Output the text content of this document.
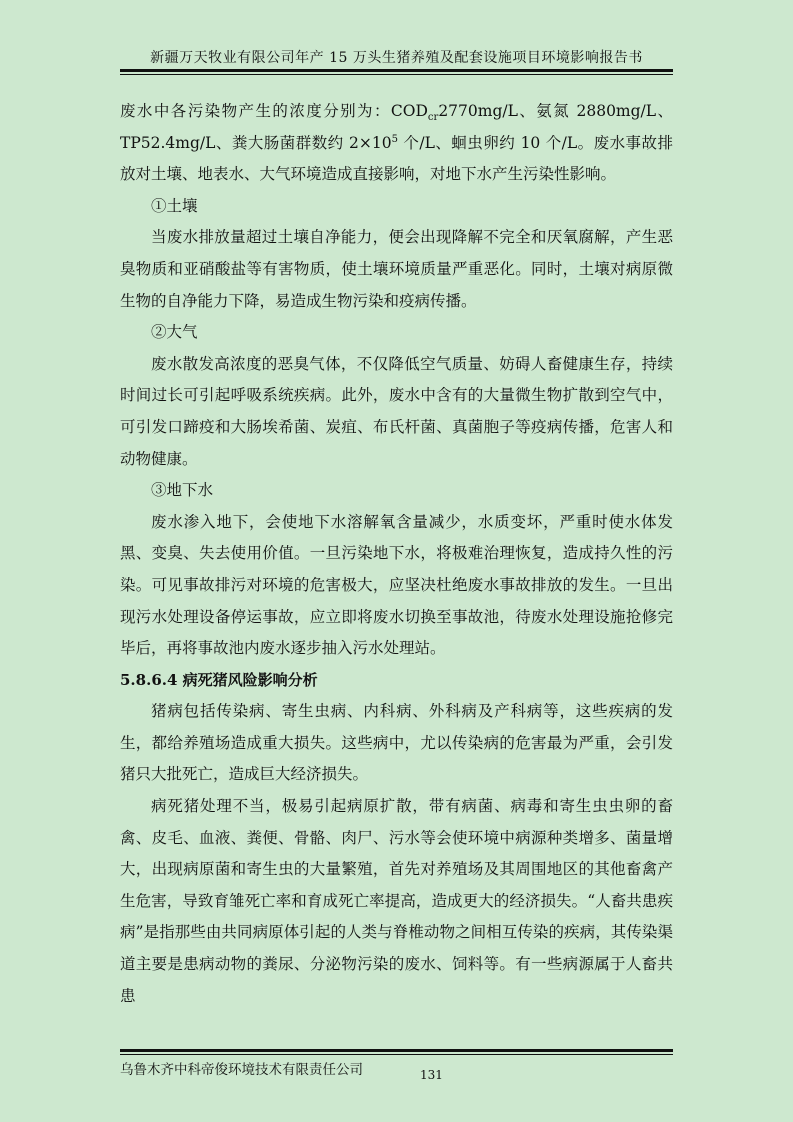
新疆万天牧业有限公司年产 15 万头生猪养殖及配套设施项目环境影响报告书

废水中各污染物产生的浓度分别为：$COD_{cr}2770mg/L$、氨氮 2880mg/L、TP52.4mg/L、粪大肠菌群数约 $2\times 10^5$ 个/L、蛔虫卵约 10 个/L。废水事故排放对土壤、地表水、大气环境造成直接影响，对地下水产生污染性影响。

①土壤

当废水排放量超过土壤自净能力，便会出现降解不完全和厌氧腐解，产生恶臭物质和亚硝酸盐等有害物质，使土壤环境质量严重恶化。同时，土壤对病原微生物的自净能力下降，易造成生物污染和疫病传播。

②大气

废水散发高浓度的恶臭气体，不仅降低空气质量、妨碍人畜健康生存，持续时间过长可引起呼吸系统疾病。此外，废水中含有的大量微生物扩散到空气中，可引发口蹄疫和大肠埃希菌、炭疽、布氏杆菌、真菌胞子等疫病传播，危害人和动物健康。

③地下水

废水渗入地下，会使地下水溶解氧含量减少，水质变坏，严重时使水体发黑、变臭、失去使用价值。一旦污染地下水，将极难治理恢复，造成持久性的污染。可见事故排污对环境的危害极大，应坚决杜绝废水事故排放的发生。一旦出现污水处理设备停运事故，应立即将废水切换至事故池，待废水处理设施抢修完毕后，再将事故池内废水逐步抽入污水处理站。

5.8.6.4 病死猪风险影响分析

猪病包括传染病、寄生虫病、内科病、外科病及产科病等，这些疾病的发生，都给养殖场造成重大损失。这些病中，尤以传染病的危害最为严重，会引发猪只大批死亡，造成巨大经济损失。

病死猪处理不当，极易引起病原扩散，带有病菌、病毒和寄生虫虫卵的畜禽、皮毛、血液、粪便、骨骼、肉尸、污水等会使环境中病源种类增多、菌量增大，出现病原菌和寄生虫的大量繁殖，首先对养殖场及其周围地区的其他畜禽产生危害，导致育雏死亡率和育成死亡率提高，造成更大的经济损失。“人畜共患疾病”是指那些由共同病原体引起的人类与脊椎动物之间相互传染的疾病，其传染渠道主要是患病动物的粪尿、分泌物污染的废水、饲料等。有一些病源属于人畜共患

乌鲁木齐中科帝俊环境技术有限责任公司	131
